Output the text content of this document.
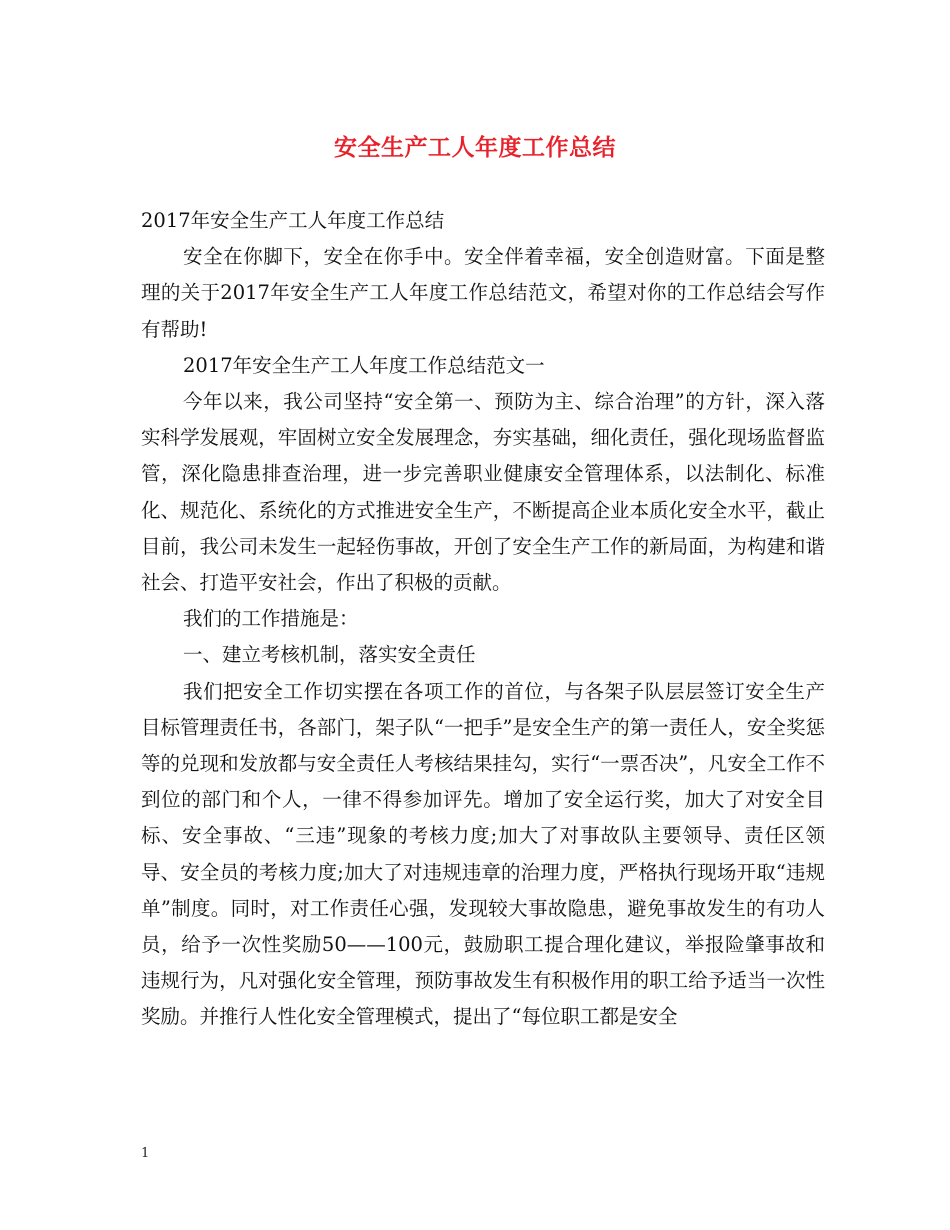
安全生产工人年度工作总结

2017年安全生产工人年度工作总结

安全在你脚下，安全在你手中。安全伴着幸福，安全创造财富。下面是整理的关于2017年安全生产工人年度工作总结范文，希望对你的工作总结会写作有帮助!

2017年安全生产工人年度工作总结范文一

今年以来，我公司坚持“安全第一、预防为主、综合治理”的方针，深入落实科学发展观，牢固树立安全发展理念，夯实基础，细化责任，强化现场监督监管，深化隐患排查治理，进一步完善职业健康安全管理体系，以法制化、标准化、规范化、系统化的方式推进安全生产，不断提高企业本质化安全水平，截止目前，我公司未发生一起轻伤事故，开创了安全生产工作的新局面，为构建和谐社会、打造平安社会，作出了积极的贡献。

我们的工作措施是：

一、建立考核机制，落实安全责任

我们把安全工作切实摆在各项工作的首位，与各架子队层层签订安全生产目标管理责任书，各部门，架子队“一把手”是安全生产的第一责任人，安全奖惩等的兑现和发放都与安全责任人考核结果挂勾，实行“一票否决”，凡安全工作不到位的部门和个人，一律不得参加评先。增加了安全运行奖，加大了对安全目标、安全事故、“三违”现象的考核力度;加大了对事故队主要领导、责任区领导、安全员的考核力度;加大了对违规违章的治理力度，严格执行现场开取“违规单”制度。同时，对工作责任心强，发现较大事故隐患，避免事故发生的有功人员，给予一次性奖励50——100元，鼓励职工提合理化建议，举报险肇事故和违规行为，凡对强化安全管理，预防事故发生有积极作用的职工给予适当一次性奖励。并推行人性化安全管理模式，提出了“每位职工都是安全

1
